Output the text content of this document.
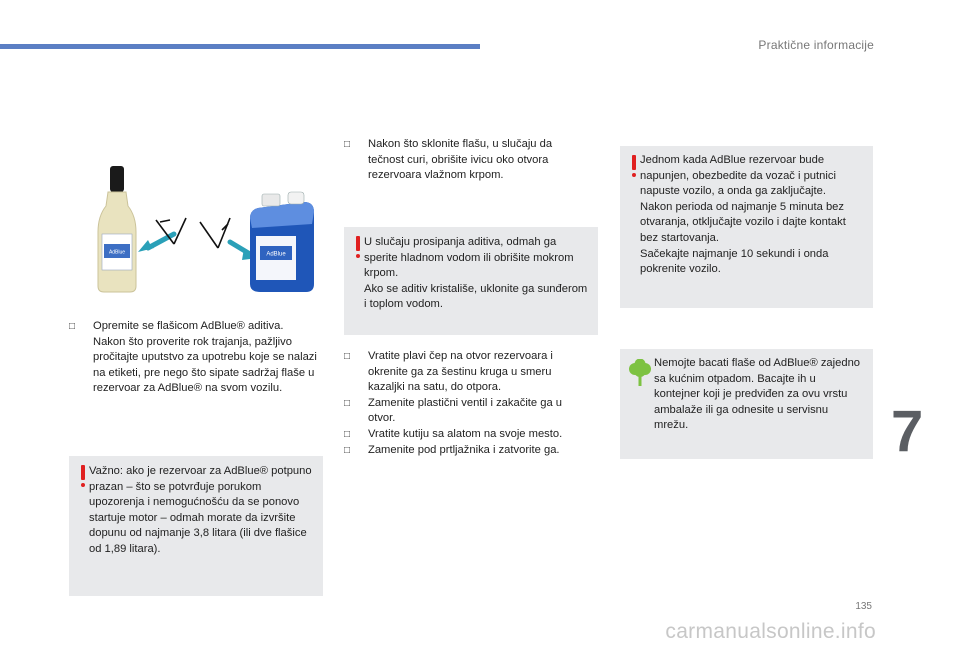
Praktične informacije
AdBlue	AdBlue
□ Opremite se flašicom AdBlue® aditiva.

Nakon što proverite rok trajanja, pažljivo pročitajte uputstvo za upotrebu koje se nalazi na etiketi, pre nego što sipate sadržaj flaše u rezervoar za AdBlue® na svom vozilu.

Važno: ako je rezervoar za AdBlue® potpuno prazan – što se potvrđuje porukom upozorenja i nemogućnošću da se ponovo startuje motor – odmah morate da izvršite dopunu od najmanje 3,8 litara (ili dve flašice od 1,89 litara).
□ Nakon što sklonite flašu, u slučaju da tečnost curi, obrišite ivicu oko otvora rezervoara vlažnom krpom.
U slučaju prosipanja aditiva, odmah ga sperite hladnom vodom ili obrišite mokrom krpom.
Ako se aditiv kristališe, uklonite ga sunđerom i toplom vodom.
□ Vratite plavi čep na otvor rezervoara i okrenite ga za šestinu kruga u smeru kazaljki na satu, do otpora.
□ Zamenite plastični ventil i zakačite ga u otvor.
□ Vratite kutiju sa alatom na svoje mesto.
□ Zamenite pod prtljažnika i zatvorite ga.
Jednom kada AdBlue rezervoar bude napunjen, obezbedite da vozač i putnici napuste vozilo, a onda ga zaključajte.
Nakon perioda od najmanje 5 minuta bez otvaranja, otključajte vozilo i dajte kontakt bez startovanja.
Sačekajte najmanje 10 sekundi i onda pokrenite vozilo.
Nemojte bacati flaše od AdBlue® zajedno sa kućnim otpadom. Bacajte ih u kontejner koji je predviđen za ovu vrstu ambalaže ili ga odnesite u servisnu mrežu.	7
135
carmanualsonline.info
